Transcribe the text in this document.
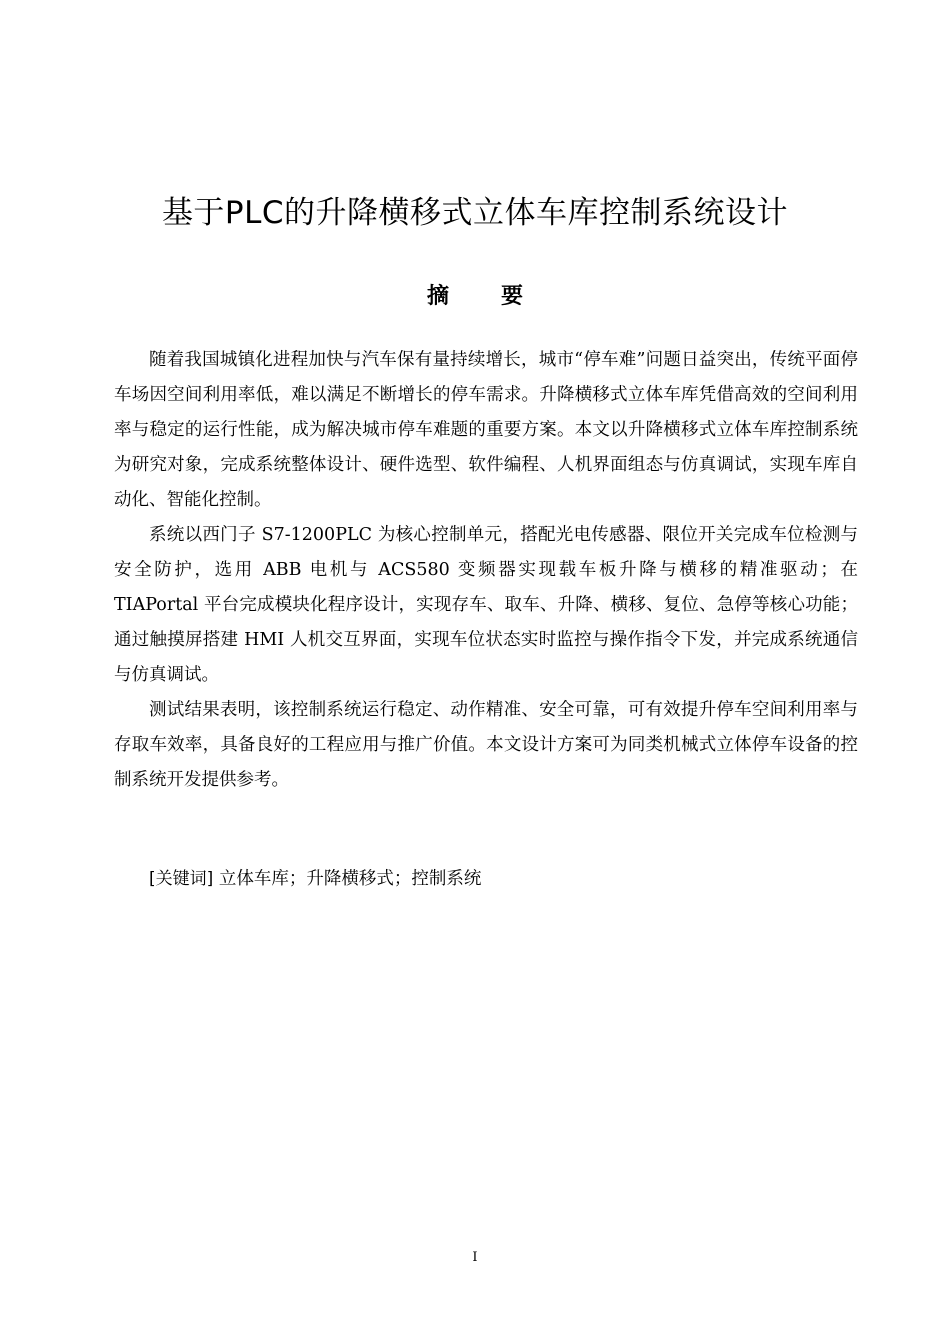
基于PLC的升降横移式立体车库控制系统设计
摘 要

随着我国城镇化进程加快与汽车保有量持续增长，城市“停车难”问题日益突出，传统平面停车场因空间利用率低，难以满足不断增长的停车需求。升降横移式立体车库凭借高效的空间利用率与稳定的运行性能，成为解决城市停车难题的重要方案。本文以升降横移式立体车库控制系统为研究对象，完成系统整体设计、硬件选型、软件编程、人机界面组态与仿真调试，实现车库自动化、智能化控制。

系统以西门子 S7-1200PLC 为核心控制单元，搭配光电传感器、限位开关完成车位检测与安全防护，选用 ABB 电机与 ACS580 变频器实现载车板升降与横移的精准驱动；在 TIAPortal 平台完成模块化程序设计，实现存车、取车、升降、横移、复位、急停等核心功能；通过触摸屏搭建 HMI 人机交互界面，实现车位状态实时监控与操作指令下发，并完成系统通信与仿真调试。

测试结果表明，该控制系统运行稳定、动作精准、安全可靠，可有效提升停车空间利用率与存取车效率，具备良好的工程应用与推广价值。本文设计方案可为同类机械式立体停车设备的控制系统开发提供参考。

[关键词] 立体车库；升降横移式；控制系统

I
